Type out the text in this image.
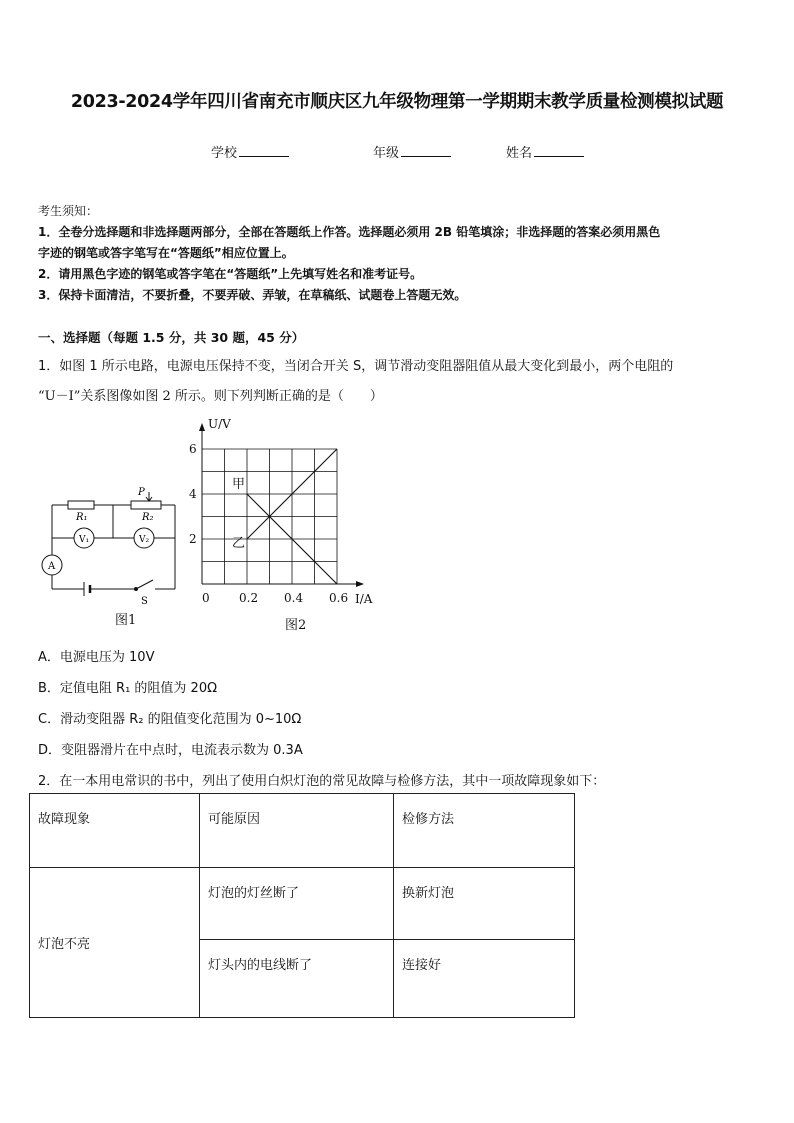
2023-2024学年四川省南充市顺庆区九年级物理第一学期期末教学质量检测模拟试题
学校	年级	姓名
考生须知：
1．全卷分选择题和非选择题两部分，全部在答题纸上作答。选择题必须用 2B 铅笔填涂；非选择题的答案必须用黑色
字迹的钢笔或答字笔写在“答题纸”相应位置上。
2．请用黑色字迹的钢笔或答字笔在“答题纸”上先填写姓名和准考证号。
3．保持卡面清洁，不要折叠，不要弄破、弄皱，在草稿纸、试题卷上答题无效。
一、选择题（每题 1.5 分，共 30 题，45 分）
1．如图 1 所示电路，电源电压保持不变，当闭合开关 S，调节滑动变阻器阻值从最大变化到最小，两个电阻的
“U－I”关系图像如图 2 所示。则下列判断正确的是（　　）
R₁	R₂
P
V₁	V₂
A
S
图1
甲
乙
0 0.2 0.4 0.6
2
4
6
I/A
U/V
图2
A．电源电压为 10V
B．定值电阻 R₁ 的阻值为 20Ω
C．滑动变阻器 R₂ 的阻值变化范围为 0~10Ω
D．变阻器滑片在中点时，电流表示数为 0.3A
2．在一本用电常识的书中，列出了使用白炽灯泡的常见故障与检修方法，其中一项故障现象如下：
故障现象	可能原因	检修方法
灯泡不亮	灯泡的灯丝断了	换新灯泡
	灯头内的电线断了	连接好
